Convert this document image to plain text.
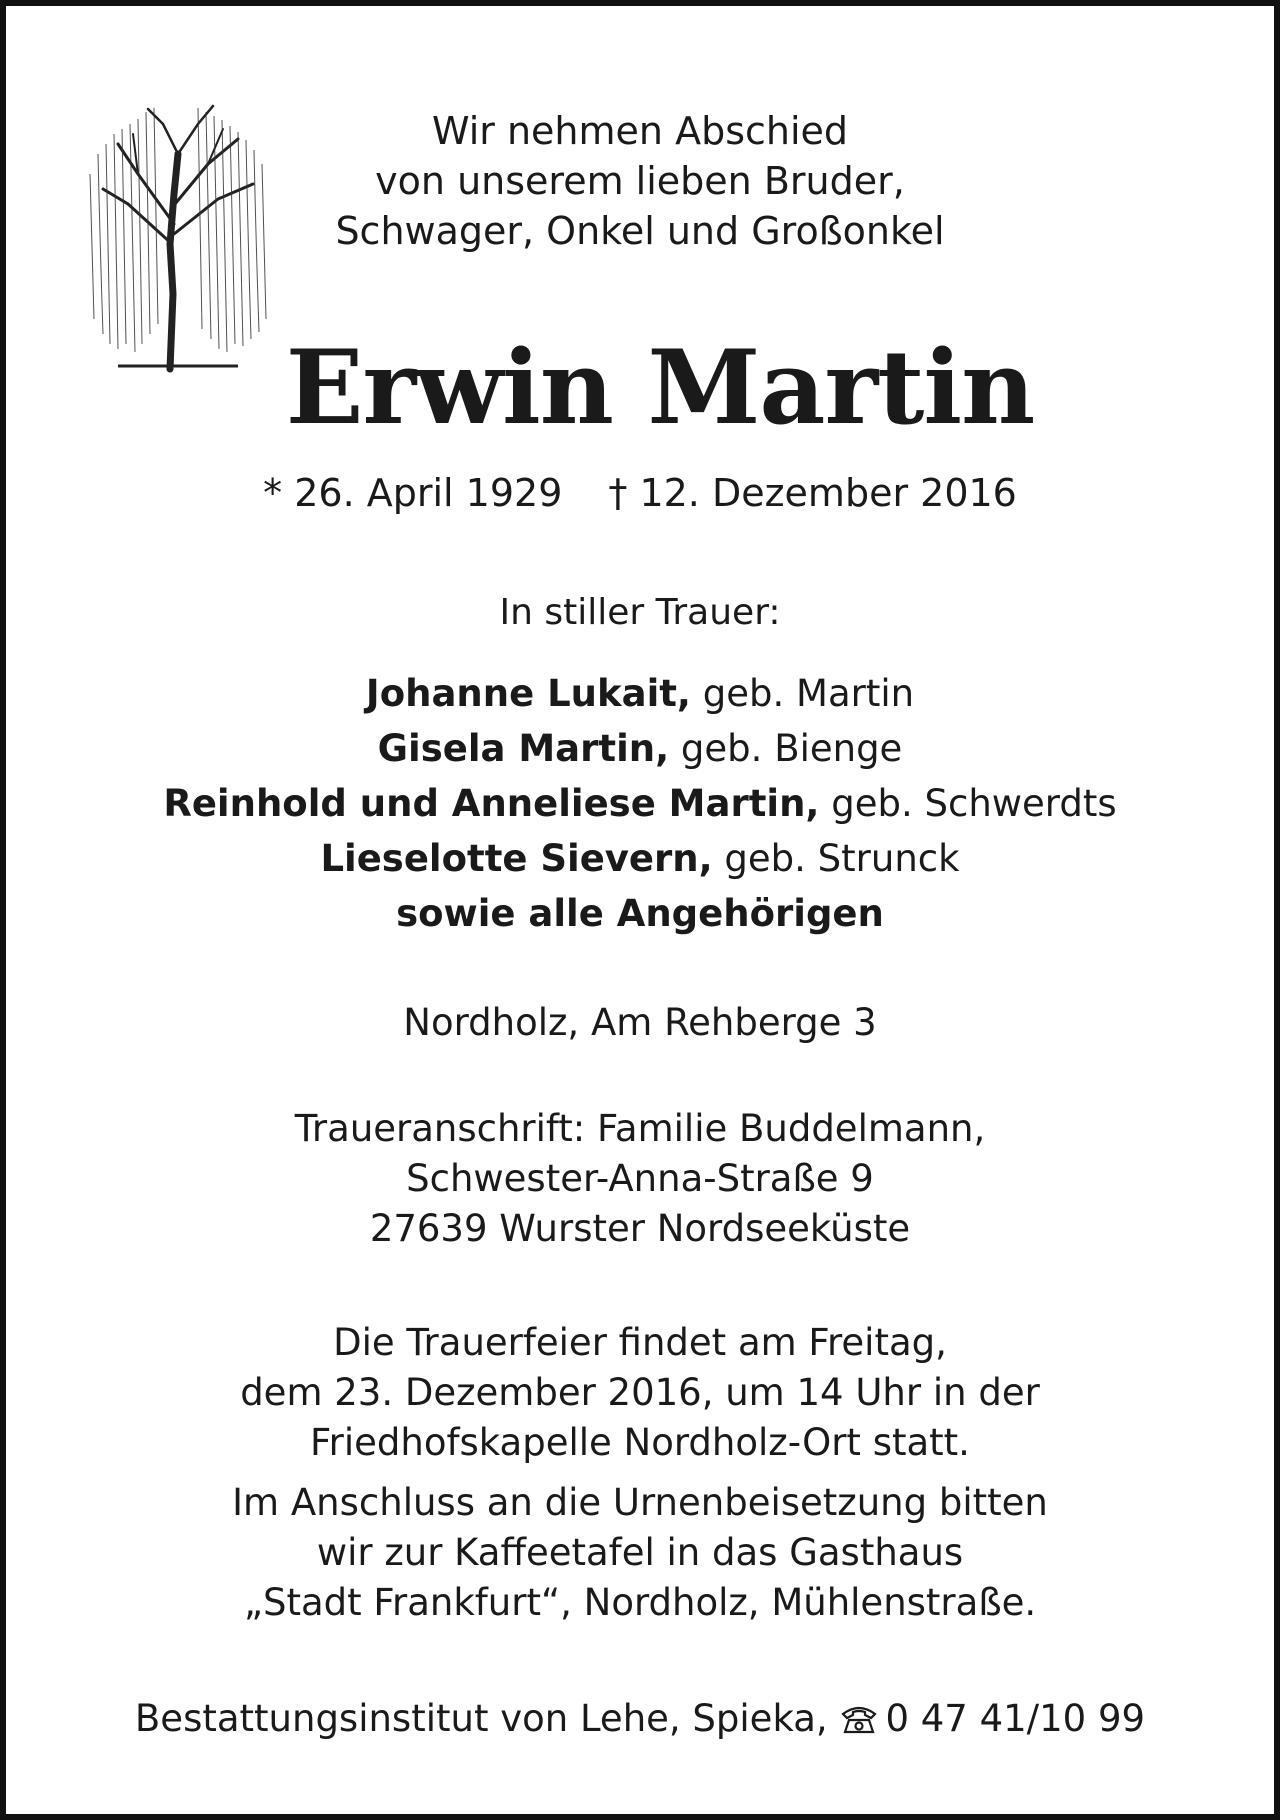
Wir nehmen Abschied
von unserem lieben Bruder,
Schwager, Onkel und Großonkel
Erwin Martin
* 26. April 1929 † 12. Dezember 2016
In stiller Trauer:
Johanne Lukait, geb. Martin
Gisela Martin, geb. Bienge
Reinhold und Anneliese Martin, geb. Schwerdts
Lieselotte Sievern, geb. Strunck
sowie alle Angehörigen
Nordholz, Am Rehberge 3
Traueranschrift: Familie Buddelmann,
Schwester-Anna-Straße 9
27639 Wurster Nordseeküste
Die Trauerfeier findet am Freitag,
dem 23. Dezember 2016, um 14 Uhr in der
Friedhofskapelle Nordholz-Ort statt.
Im Anschluss an die Urnenbeisetzung bitten
wir zur Kaffeetafel in das Gasthaus
„Stadt Frankfurt“, Nordholz, Mühlenstraße.
Bestattungsinstitut von Lehe, Spieka, 0 47 41/10 99
